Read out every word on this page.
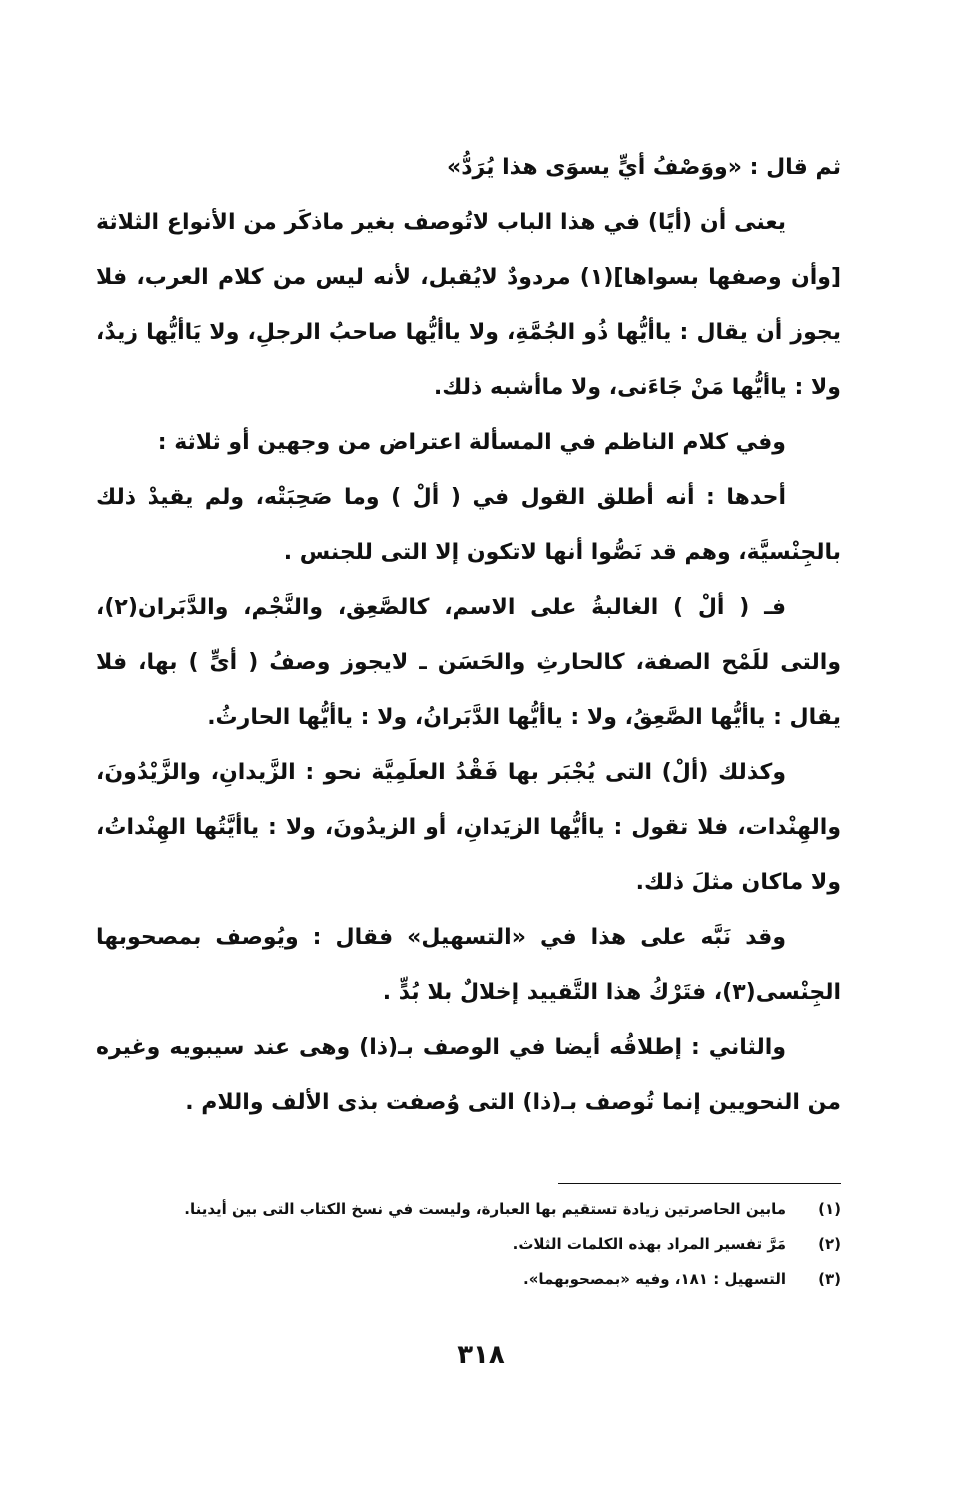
ثم قال : «ووَصْفُ أيٍّ يسوَى هذا يُرَدُّ»

يعنى أن (أيًا) في هذا الباب لاتُوصف بغير ماذكَر من الأنواع الثلاثة [وأن وصفها بسواها](١) مردودٌ لايُقبل، لأنه ليس من كلام العرب، فلا يجوز أن يقال : ياأيُّها ذُو الجُمَّةِ، ولا ياأيُّها صاحبُ الرجلِ، ولا يَاأيُّها زيدٌ، ولا : ياأيُّها مَنْ جَاءَنى، ولا ماأشبه ذلك.

وفي كلام الناظم في المسألة اعتراض من وجهين أو ثلاثة :

أحدها : أنه أطلق القول في ( ألْ ) وما صَحِبَتْه، ولم يقيدْ ذلك بالجِنْسيَّة، وهم قد نَصُّوا أنها لاتكون إلا التى للجنس .

فـ ( ألْ ) الغالبةُ على الاسم، كالصَّعِق، والنَّجْم، والدَّبَران(٢)، والتى للَمْح الصفة، كالحارثِ والحَسَن ـ لايجوز وصفُ ( أىٍّ ) بها، فلا يقال : ياأيُّها الصَّعِقُ، ولا : ياأيُّها الدَّبَرانُ، ولا : ياأيُّها الحارثُ.

وكذلك (ألْ) التى يُجْبَر بها فَقْدُ العلَمِيَّة نحو : الزَّيدانِ، والزَّيْدُونَ، والهِنْدات، فلا تقول : ياأيُّها الزيَدانِ، أو الزيدُونَ، ولا : ياأيَّتُها الهِنْداتُ، ولا ماكان مثلَ ذلك.

وقد نَبَّه على هذا في «التسهيل» فقال : ويُوصف بمصحوبها الجِنْسى(٣)، فتَرْكُ هذا التَّقييد إخلالٌ بلا بُدٍّ .

والثاني : إطلاقُه أيضا في الوصف بـ(ذا) وهى عند سيبويه وغيره من النحويين إنما تُوصف بـ(ذا) التى وُصفت بذى الألف واللام .

(١)
مابين الحاصرتين زيادة تستقيم بها العبارة، وليست في نسخ الكتاب التى بين أيدينا.
(٢)
مَرَّ تفسير المراد بهذه الكلمات الثلاث.
(٣)
التسهيل : ١٨١، وفيه «بمصحوبهما».
٣١٨
